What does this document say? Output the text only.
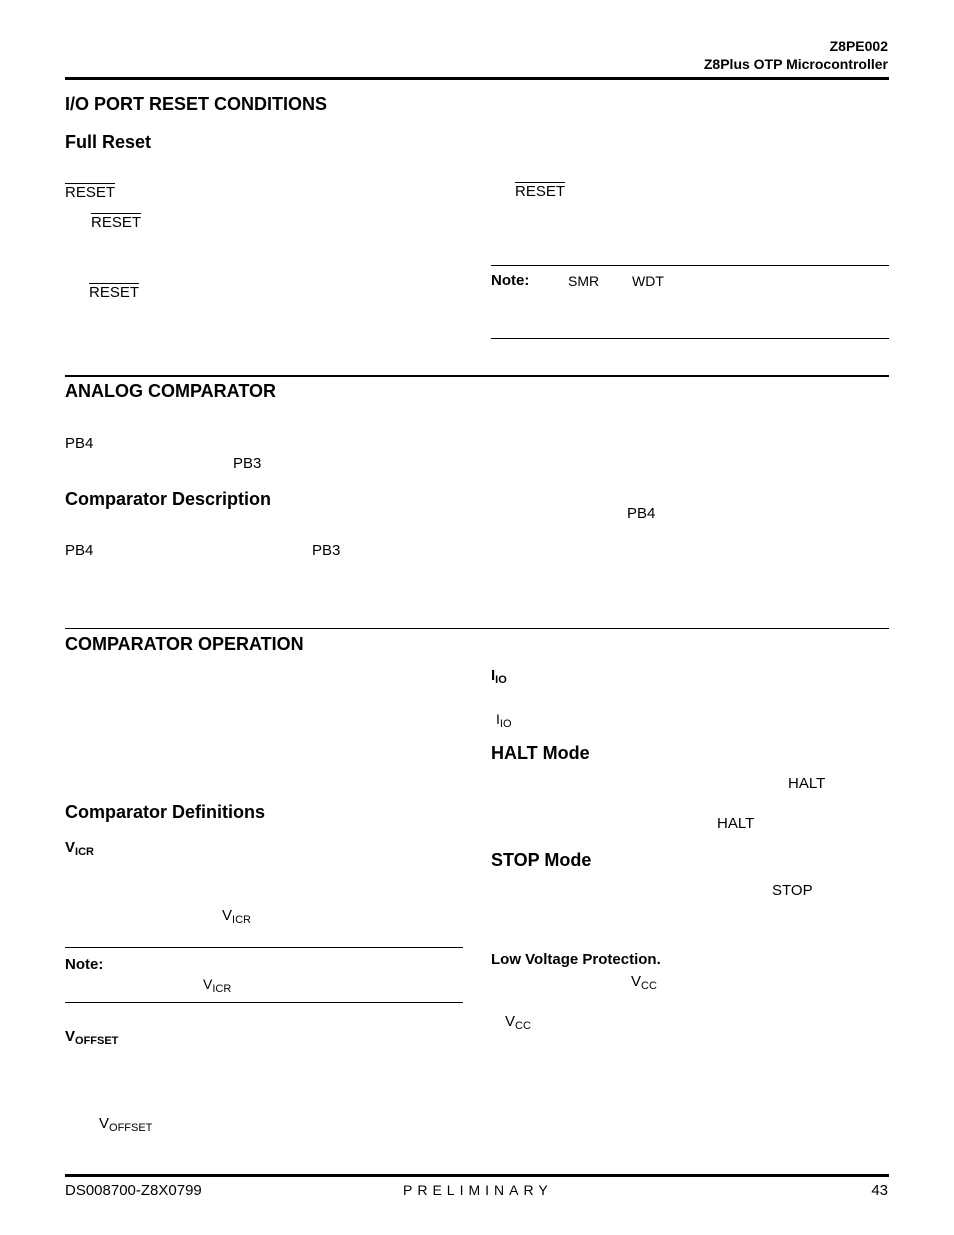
Z8PE002
Z8Plus OTP Microcontroller
I/O PORT RESET CONDITIONS
Full Reset
RESET
RESET
RESET
RESET
Note:	SMR WDT
ANALOG COMPARATOR
PB4
PB3
Comparator Description
PB4	PB3
PB4
COMPARATOR OPERATION
Comparator Definitions
$V_{ICR}$
$V_{ICR}$
Note:
$V_{ICR}$
$V_{OFFSET}$
$V_{OFFSET}$
$I_{IO}$
$I_{IO}$
HALT Mode
HALT
HALT
STOP Mode
STOP
Low Voltage Protection.
$V_{CC}$
$V_{CC}$
DS008700-Z8X0799	PRELIMINARY	43
